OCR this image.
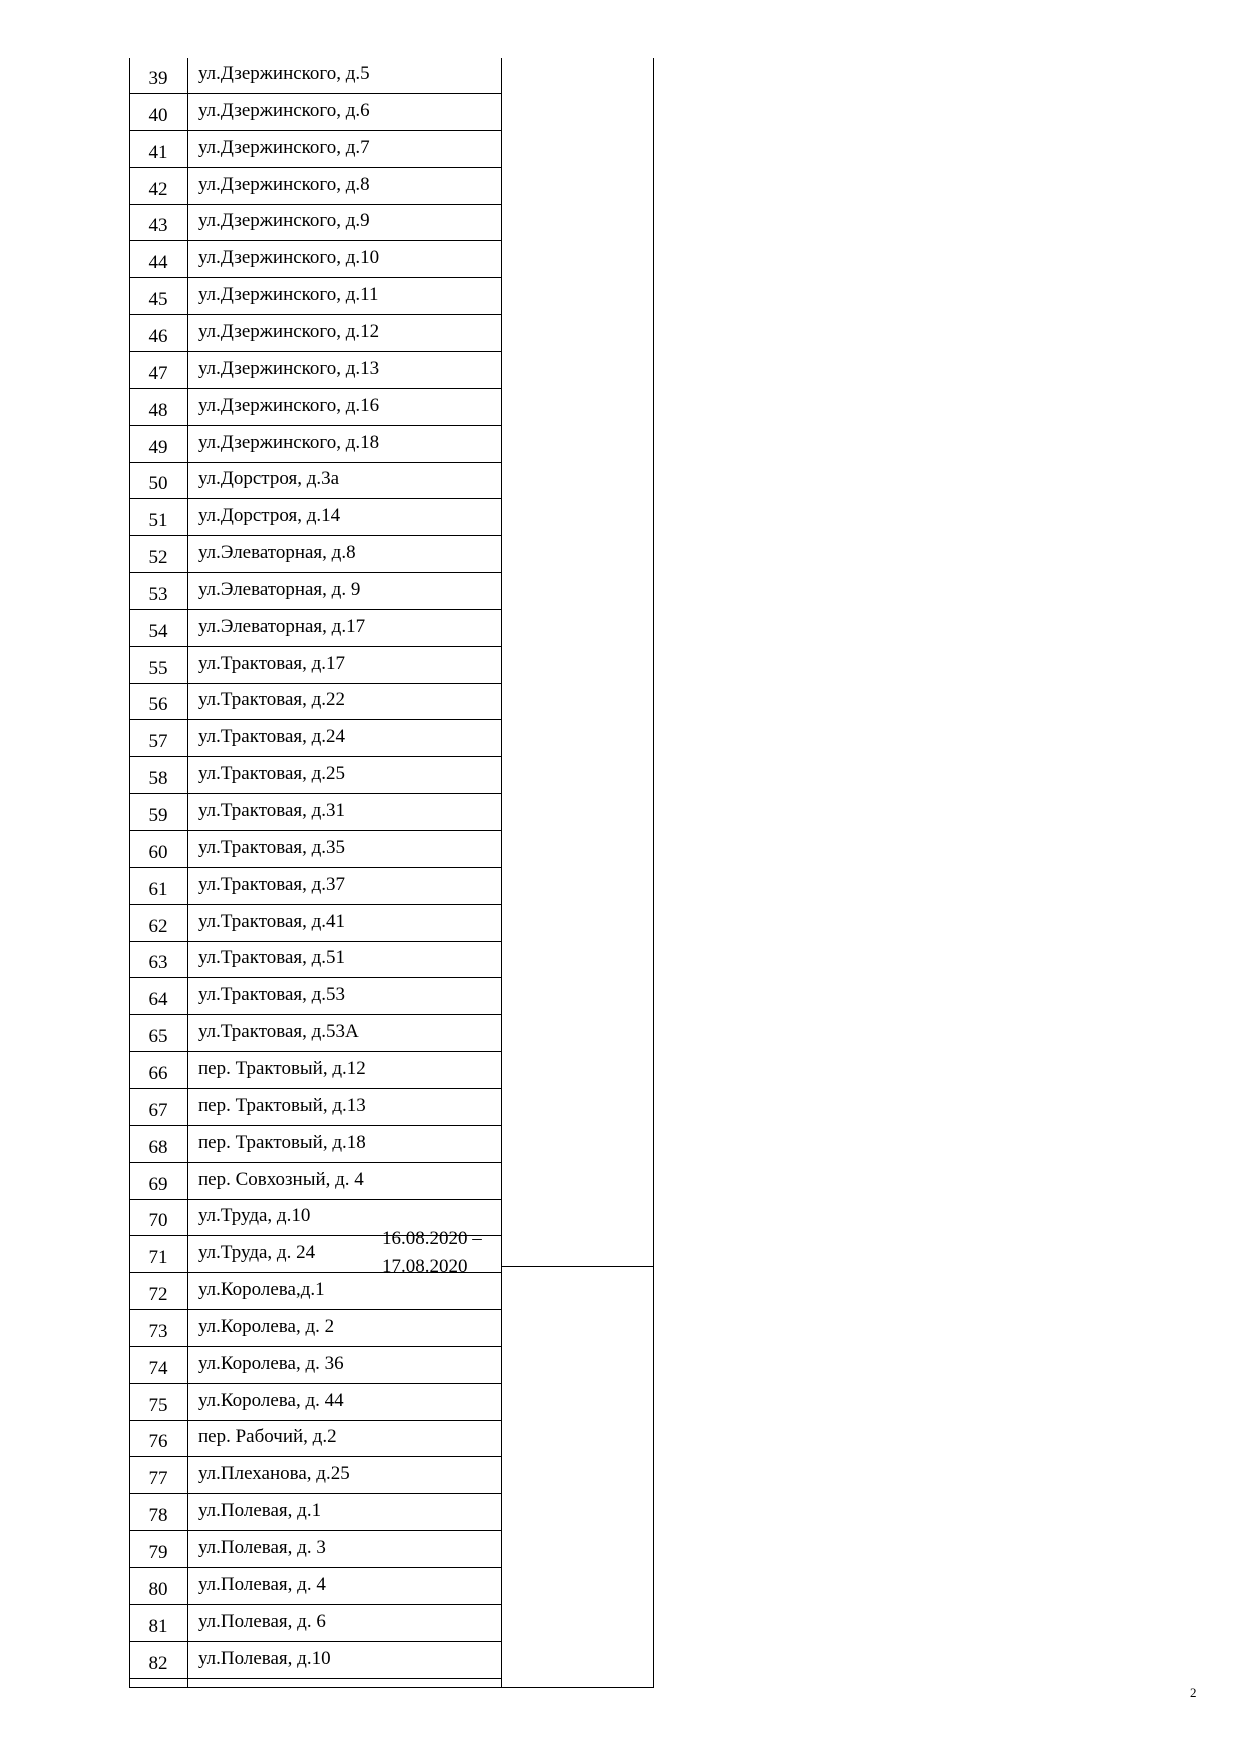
39	ул.Дзержинского, д.5
40	ул.Дзержинского, д.6
41	ул.Дзержинского, д.7
42	ул.Дзержинского, д.8
43	ул.Дзержинского, д.9
44	ул.Дзержинского, д.10
45	ул.Дзержинского, д.11
46	ул.Дзержинского, д.12
47	ул.Дзержинского, д.13
48	ул.Дзержинского, д.16
49	ул.Дзержинского, д.18
50	ул.Дорстроя, д.3а
51	ул.Дорстроя, д.14
52	ул.Элеваторная, д.8
53	ул.Элеваторная, д. 9
54	ул.Элеваторная, д.17
55	ул.Трактовая, д.17
56	ул.Трактовая, д.22
57	ул.Трактовая, д.24
58	ул.Трактовая, д.25
59	ул.Трактовая, д.31
60	ул.Трактовая, д.35
61	ул.Трактовая, д.37
62	ул.Трактовая, д.41
63	ул.Трактовая, д.51
64	ул.Трактовая, д.53
65	ул.Трактовая, д.53А
66	пер. Трактовый, д.12
67	пер. Трактовый, д.13
68	пер. Трактовый, д.18
69	пер. Совхозный, д. 4
70	ул.Труда, д.10
71	ул.Труда, д. 24
72	ул.Королева,д.1
73	ул.Королева, д. 2
74	ул.Королева, д. 36
75	ул.Королева, д. 44
76	пер. Рабочий, д.2
77	ул.Плеханова, д.25
78	ул.Полевая, д.1
79	ул.Полевая, д. 3
80	ул.Полевая, д. 4
81	ул.Полевая, д. 6
82	ул.Полевая, д.10
16.08.2020 –
17.08.2020
2
